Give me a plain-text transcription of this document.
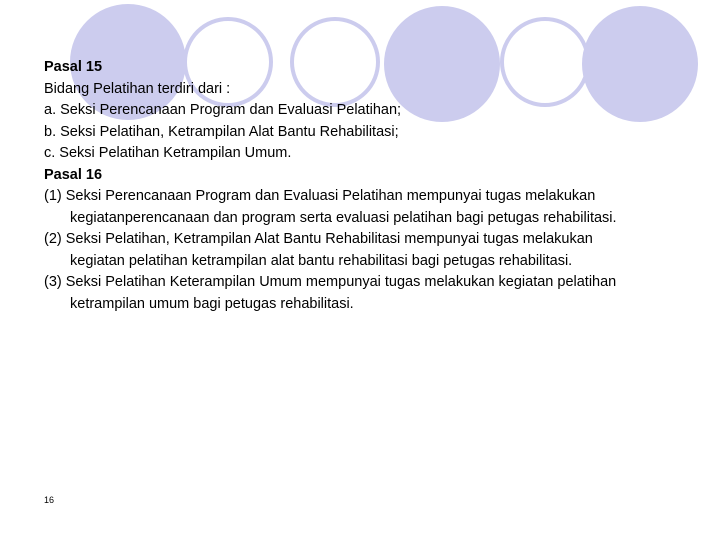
Pasal 15
Bidang Pelatihan terdiri dari :
a. Seksi Perencanaan Program dan Evaluasi Pelatihan;
b. Seksi Pelatihan, Ketrampilan Alat Bantu Rehabilitasi;
c. Seksi Pelatihan Ketrampilan Umum.
Pasal 16
(1) Seksi Perencanaan Program dan Evaluasi Pelatihan mempunyai tugas melakukan
kegiatanperencanaan dan program serta evaluasi pelatihan bagi petugas rehabilitasi.
(2) Seksi Pelatihan, Ketrampilan Alat Bantu Rehabilitasi mempunyai tugas melakukan
kegiatan pelatihan ketrampilan alat bantu rehabilitasi bagi petugas rehabilitasi.
(3) Seksi Pelatihan Keterampilan Umum mempunyai tugas melakukan kegiatan pelatihan
ketrampilan umum bagi petugas rehabilitasi.
16
